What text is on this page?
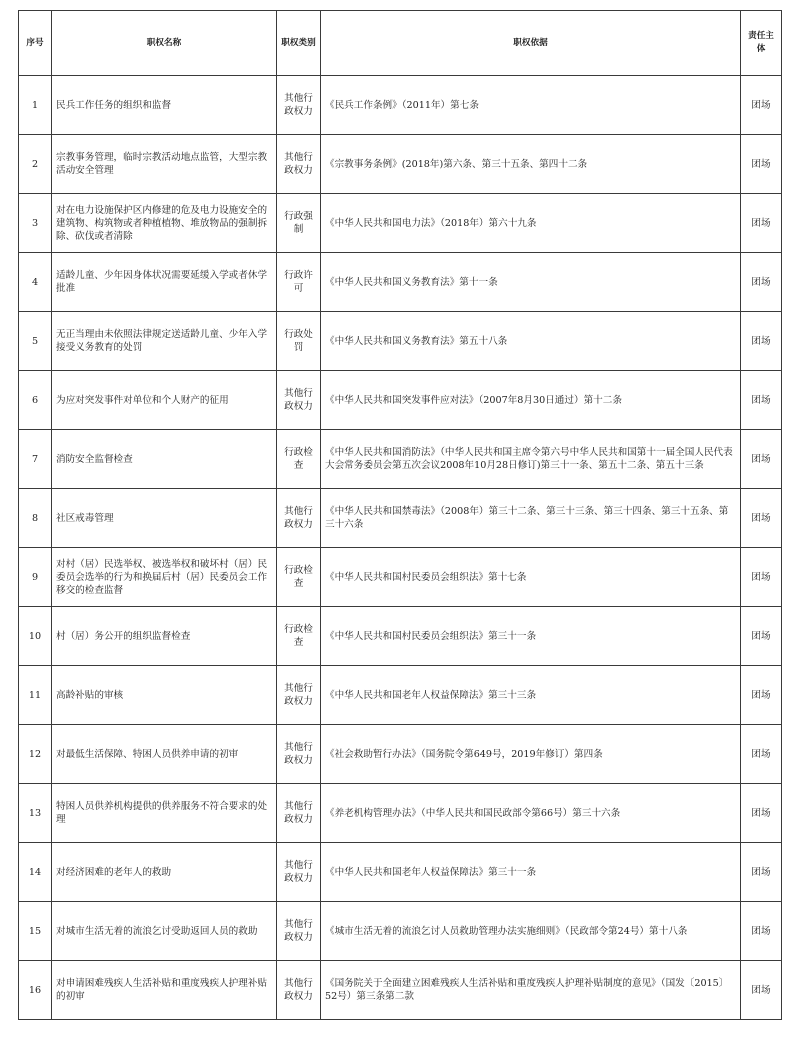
序号	职权名称	职权类别	职权依据	责任主体
1	民兵工作任务的组织和监督	其他行政权力	《民兵工作条例》（2011年）第七条	团场
2	宗教事务管理，临时宗教活动地点监管，大型宗教活动安全管理	其他行政权力	《宗教事务条例》(2018年)第六条、第三十五条、第四十二条	团场
3	对在电力设施保护区内修建的危及电力设施安全的建筑物、构筑物或者种植植物、堆放物品的强制拆除、砍伐或者清除	行政强制	《中华人民共和国电力法》（2018年）第六十九条	团场
4	适龄儿童、少年因身体状况需要延缓入学或者休学批准	行政许可	《中华人民共和国义务教育法》第十一条	团场
5	无正当理由未依照法律规定送适龄儿童、少年入学接受义务教育的处罚	行政处罚	《中华人民共和国义务教育法》第五十八条	团场
6	为应对突发事件对单位和个人财产的征用	其他行政权力	《中华人民共和国突发事件应对法》（2007年8月30日通过）第十二条	团场
7	消防安全监督检查	行政检查	《中华人民共和国消防法》（中华人民共和国主席令第六号中华人民共和国第十一届全国人民代表大会常务委员会第五次会议2008年10月28日修订)第三十一条、第五十二条、第五十三条	团场
8	社区戒毒管理	其他行政权力	《中华人民共和国禁毒法》（2008年）第三十二条、第三十三条、第三十四条、第三十五条、第三十六条	团场
9	对村（居）民选举权、被选举权和破坏村（居）民委员会选举的行为和换届后村（居）民委员会工作移交的检查监督	行政检查	《中华人民共和国村民委员会组织法》第十七条	团场
10	村（居）务公开的组织监督检查	行政检查	《中华人民共和国村民委员会组织法》第三十一条	团场
11	高龄补贴的审核	其他行政权力	《中华人民共和国老年人权益保障法》第三十三条	团场
12	对最低生活保障、特困人员供养申请的初审	其他行政权力	《社会救助暂行办法》（国务院令第649号，2019年修订）第四条	团场
13	特困人员供养机构提供的供养服务不符合要求的处理	其他行政权力	《养老机构管理办法》（中华人民共和国民政部令第66号）第三十六条	团场
14	对经济困难的老年人的救助	其他行政权力	《中华人民共和国老年人权益保障法》第三十一条	团场
15	对城市生活无着的流浪乞讨受助返回人员的救助	其他行政权力	《城市生活无着的流浪乞讨人员救助管理办法实施细则》（民政部令第24号）第十八条	团场
16	对申请困难残疾人生活补贴和重度残疾人护理补贴的初审	其他行政权力	《国务院关于全面建立困难残疾人生活补贴和重度残疾人护理补贴制度的意见》（国发〔2015〕52号）第三条第二款	团场
